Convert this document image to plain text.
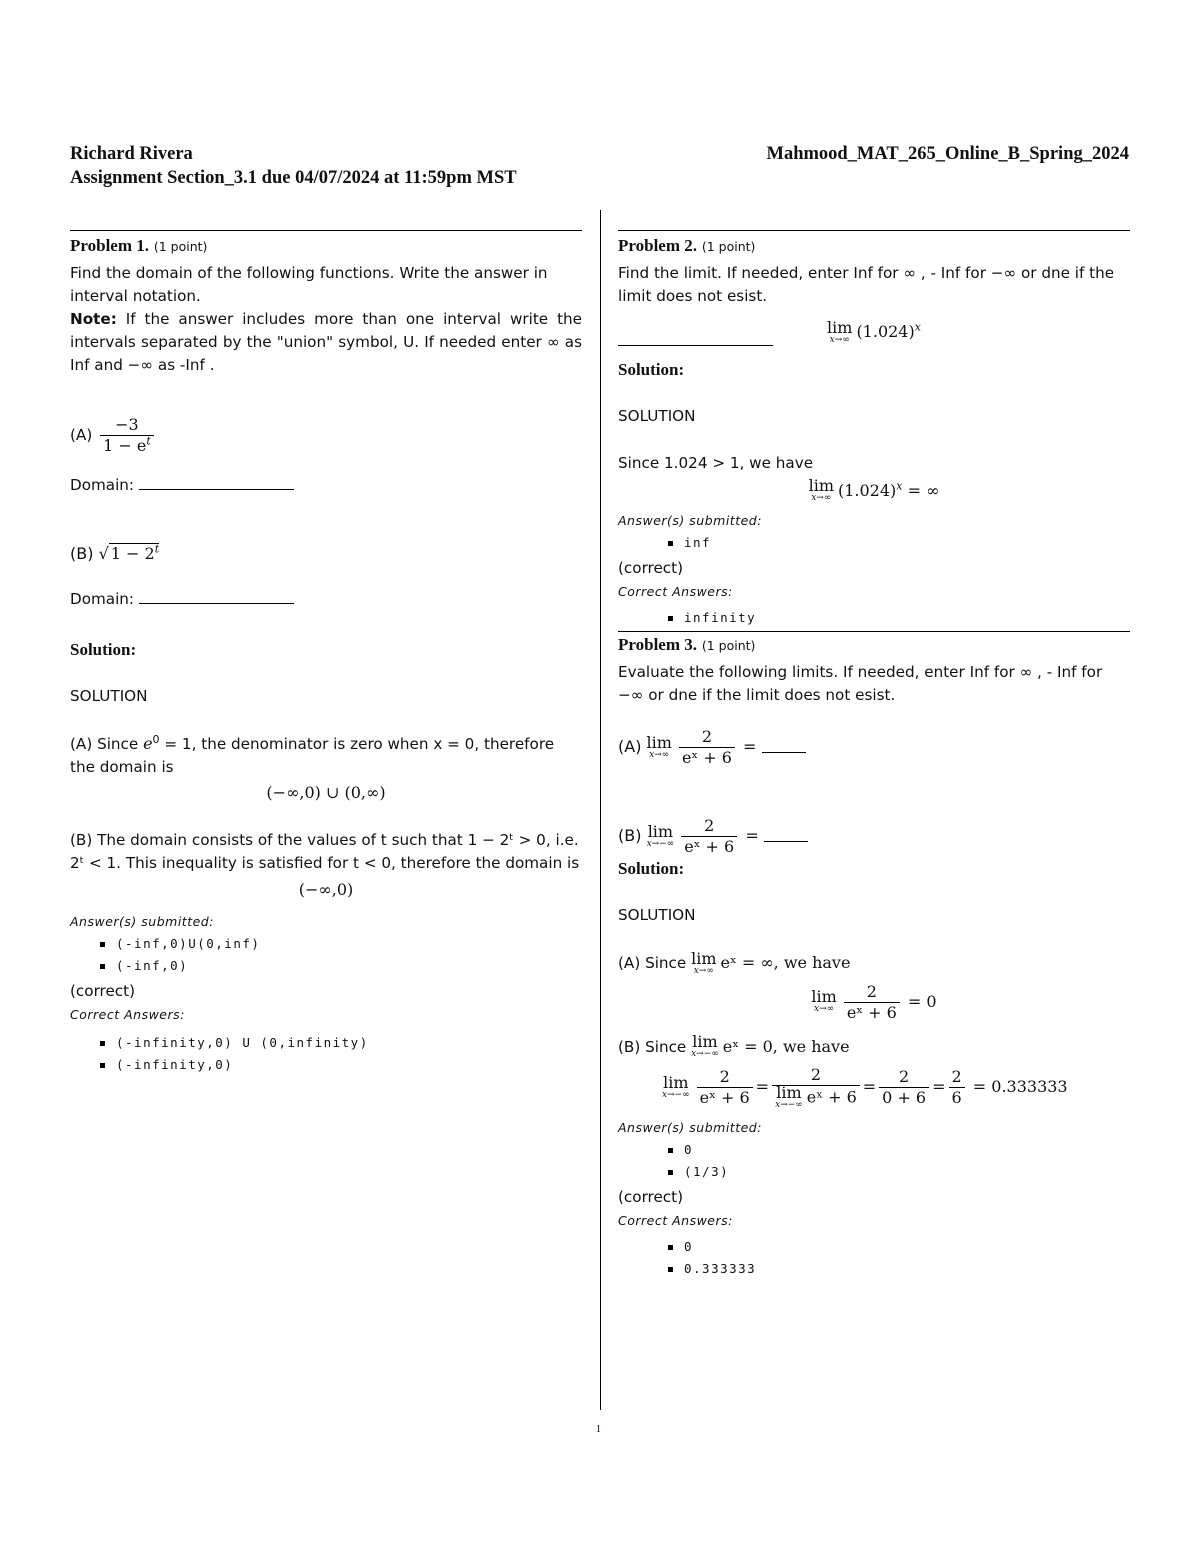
Richard Rivera
Assignment Section_3.1 due 04/07/2024 at 11:59pm MST
Mahmood_MAT_265_Online_B_Spring_2024
Problem 1. (1 point)
Find the domain of the following functions. Write the answer in interval notation.
Note: If the answer includes more than one interval write the intervals separated by the "union" symbol, U. If needed enter ∞ as Inf and −∞ as -Inf .
$(A) \frac{-3}{1 - e^t}$
Domain:
(B) √ $1 - 2^t$
Domain:
Solution:
SOLUTION
(A) Since $e^0 = 1$, the denominator is zero when x = 0, therefore the domain is
(−∞,0) ∪ (0,∞)
(B) The domain consists of the values of t such that 1 − 2ᵗ > 0, i.e. 2ᵗ < 1. This inequality is satisfied for t < 0, therefore the domain is
(−∞,0)
Answer(s) submitted:
(-inf,0)U(0,inf)
(-inf,0)
(correct)
Correct Answers:
(-infinity,0) U (0,infinity)
(-infinity,0)
Problem 2. (1 point)
Find the limit. If needed, enter Inf for ∞ , - Inf for −∞ or dne if the limit does not esist.
lim
x→∞ $(1.024)^x$
Solution:
SOLUTION
Since 1.024 > 1, we have
lim
x→∞ $(1.024)^x$ = ∞
Answer(s) submitted:
inf
(correct)
Correct Answers:
infinity
Problem 3. (1 point)
Evaluate the following limits. If needed, enter Inf for ∞ , - Inf for −∞ or dne if the limit does not esist.
(A) lim
$x\to\infty \frac{2}{\text{eˣ + 6}}$ =
(B) lim
$x\to-\infty \frac{2}{\text{eˣ + 6}}$ =
Solution:
SOLUTION
(A) Since lim
x→∞ eˣ = ∞, we have
lim
$x\to\infty \frac{2}{\text{eˣ + 6}} = 0$
(B) Since lim
x→−∞ eˣ = 0, we have
lim
$x\to-\infty \frac{2}{\text{eˣ + 6}} = 2$
lim
x→−∞ eˣ + $6 = \frac{2}{0 + 6} = \frac{2}{6} = 0.333333$
Answer(s) submitted:
0
(1/3)
(correct)
Correct Answers:
0
0.333333
1
